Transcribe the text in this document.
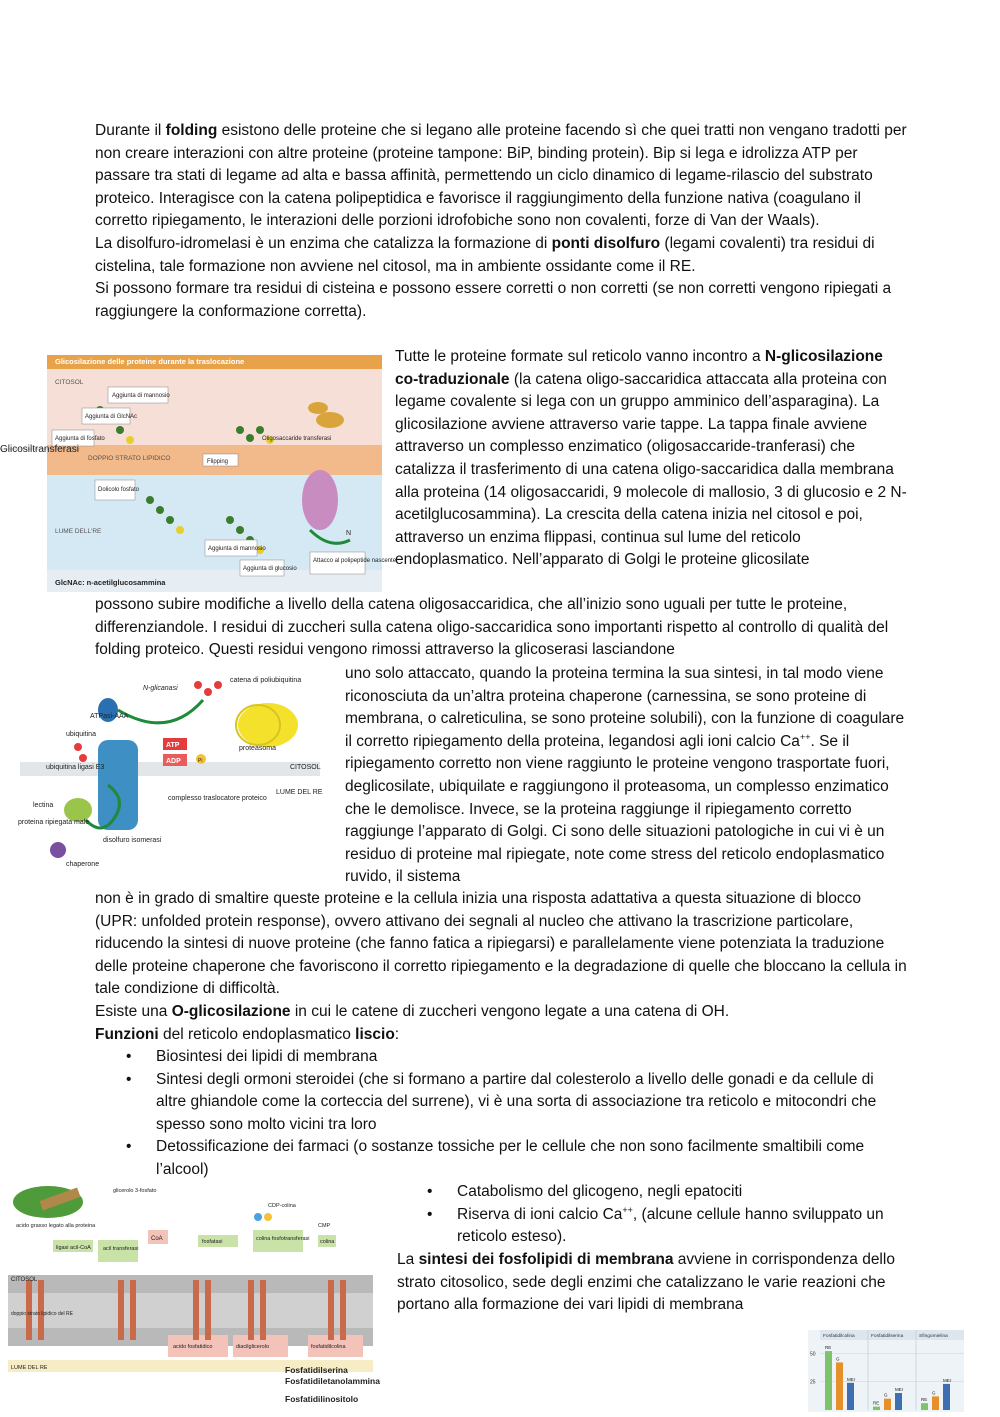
Durante il folding esistono delle proteine che si legano alle proteine facendo sì che quei tratti non vengano tradotti per non creare interazioni con altre proteine (proteine tampone: BiP, binding protein). Bip si lega e idrolizza ATP per passare tra stati di legame ad alta e bassa affinità, permettendo un ciclo dinamico di legame-rilascio del substrato proteico. Interagisce con la catena polipeptidica e favorisce il raggiungimento della funzione nativa (coagulano il corretto ripiegamento, le interazioni delle porzioni idrofobiche sono non covalenti, forze di Van der Waals).

La disolfuro-idromelasi è un enzima che catalizza la formazione di ponti disolfuro (legami covalenti) tra residui di cistelina, tale formazione non avviene nel citosol, ma in ambiente ossidante come il RE.

Si possono formare tra residui di cisteina e possono essere corretti o non corretti (se non corretti vengono ripiegati a raggiungere la conformazione corretta).

Glicosilazione delle proteine durante la traslocazione
CITOSOL
DOPPIO STRATO LIPIDICO
LUME DELL'RE
Aggiunta di mannosio
Aggiunta di GlcNAc
Aggiunta di fosfato
Flipping
Dolicolo fosfato
Oligosaccaride transferasi
Aggiunta di mannosio
Aggiunta di glucosio
Attacco al polipeptide nascente
N
GlcNAc: n-acetilglucosammina
Glicosiltransferasi

Tutte le proteine formate sul reticolo vanno incontro a N-glicosilazione co-traduzionale (la catena oligo-saccaridica attaccata alla proteina con legame covalente si lega con un gruppo amminico dell’asparagina). La glicosilazione avviene attraverso varie tappe. La tappa finale avviene attraverso un complesso enzimatico (oligosaccaride-tranferasi) che catalizza il trasferimento di una catena oligo-saccaridica dalla membrana alla proteina (14 oligosaccaridi, 9 molecole di mallosio, 3 di glucosio e 2 N-acetilglucosammina). La crescita della catena inizia nel citosol e poi, attraverso un enzima flippasi, continua sul lume del reticolo endoplasmatico. Nell’apparato di Golgi le proteine glicosilate

possono subire modifiche a livello della catena oligosaccaridica, che all’inizio sono uguali per tutte le proteine, differenziandole. I residui di zuccheri sulla catena oligo-saccaridica sono importanti rispetto al controllo di qualità del folding proteico. Questi residui vengono rimossi attraverso la glicoserasi lasciandone

ATP
ADP	Pi
N-glicanasi
catena di poliubiquitina
ATPasi-AAA
ubiquitina
proteasoma
ubiquitina ligasi E3	CITOSOL
LUME DEL RE
complesso traslocatore proteico
lectina
proteina ripiegata male
disolfuro isomerasi
chaperone

uno solo attaccato, quando la proteina termina la sua sintesi, in tal modo viene riconosciuta da un’altra proteina chaperone (carnessina, se sono proteine di membrana, o calreticulina, se sono proteine solubili), con la funzione di coagulare il corretto ripiegamento della proteina, legandosi agli ioni calcio Ca++. Se il ripiegamento corretto non viene raggiunto le proteine vengono trasportate fuori, deglicosilate, ubiquilate e raggiungono il proteasoma, un complesso enzimatico che le demolisce. Invece, se la proteina raggiunge il ripiegamento corretto raggiunge l’apparato di Golgi. Ci sono delle situazioni patologiche in cui vi è un residuo di proteine mal ripiegate, note come stress del reticolo endoplasmatico ruvido, il sistema

non è in grado di smaltire queste proteine e la cellula inizia una risposta adattativa a questa situazione di blocco (UPR: unfolded protein response), ovvero attivano dei segnali al nucleo che attivano la trascrizione particolare, riducendo la sintesi di nuove proteine (che fanno fatica a ripiegarsi) e parallelamente viene potenziata la traduzione delle proteine chaperone che favoriscono il corretto ripiegamento e la degradazione di quelle che bloccano la cellula in tale condizione di difficoltà.

Esiste una O-glicosilazione in cui le catene di zuccheri vengono legate a una catena di OH.

Funzioni del reticolo endoplasmatico liscio:

• Biosintesi dei lipidi di membrana
• Sintesi degli ormoni steroidei (che si formano a partire dal colesterolo a livello delle gonadi e da cellule di altre ghiandole come la corteccia del surrene), vi è una sorta di associazione tra reticolo e mitocondri che spesso sono molto vicini tra loro
• Detossificazione dei farmaci (o sostanze tossiche per le cellule che non sono facilmente smaltibili come l’alcool)
acido grasso legato alla proteina
glicerolo 3-fosfato
CDP-colina
ligasi acil-CoA acil transferasi
fosfatasi	colina fosfotransferasi
CMP
colina
CoA
CITOSOL
doppio strato lipidico del RE
LUME DEL RE
acido fosfatidico	diacilglicerolo	fosfatidilcolina
Fosfatidilserina
Fosfatidiletanolammina
Fosfatidilinositolo
• Catabolismo del glicogeno, negli epatociti
• Riserva di ioni calcio Ca++, (alcune cellule hanno sviluppato un reticolo esteso).

La sintesi dei fosfolipidi di membrana avviene in corrispondenza dello strato citosolico, sede degli enzimi che catalizzano le varie reazioni che portano alla formazione dei vari lipidi di membrana

25
50
Fosfatidilcolina
RE
G
MEr
Fosfatidilserina
RE
G
MEr
Sfingomielina
RE
G
MEr
